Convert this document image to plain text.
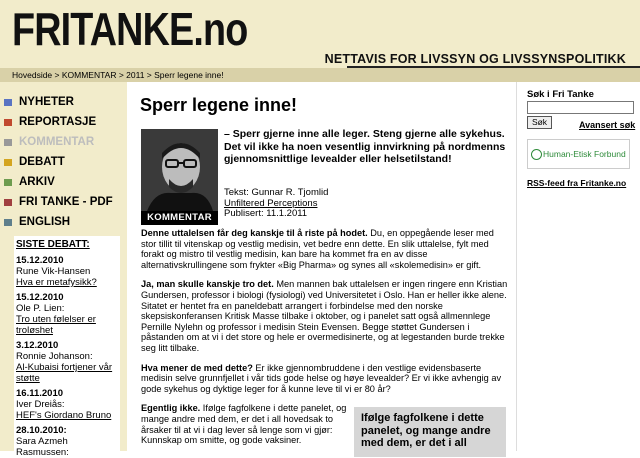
FRITANKE.no
NETTAVIS FOR LIVSSYN OG LIVSSYNSPOLITIKK
Hovedside > KOMMENTAR > 2011 > Sperr legene inne!
NYHETER
REPORTASJE
KOMMENTAR
DEBATT
ARKIV
FRI TANKE - PDF
ENGLISH
SISTE DEBATT:
15.12.2010
Rune Vik-Hansen
Hva er metafysikk?
15.12.2010
Ole P. Lien:
Tro uten følelser er troløshet
3.12.2010
Ronnie Johanson:
Al-Kubaisi fortjener vår støtte
16.11.2010
Iver Dreiås:
HEF's Giordano Bruno
28.10.2010:
Sara Azmeh Rasmussen:
Sperr legene inne!
KOMMENTAR
– Sperr gjerne inne alle leger. Steng gjerne alle sykehus. Det vil ikke ha noen vesentlig innvirkning på nordmenns gjennomsnittlige levealder eller helsetilstand!
Tekst: Gunnar R. Tjomlid
Unfiltered Perceptions
Publisert: 11.1.2011

Denne uttalelsen får deg kanskje til å riste på hodet. Du, en oppegående leser med stor tillit til vitenskap og vestlig medisin, vet bedre enn dette. En slik uttalelse, fylt med forakt og mistro til vestlig medisin, kan bare ha kommet fra en av disse alternativskrullingene som frykter «Big Pharma» og synes all «skolemedisin» er gift.

Ja, man skulle kanskje tro det. Men mannen bak uttalelsen er ingen ringere enn Kristian Gundersen, professor i biologi (fysiologi) ved Universitetet i Oslo. Han er heller ikke alene. Sitatet er hentet fra en paneldebatt arrangert i forbindelse med den norske skepsiskonferansen Kritisk Masse tilbake i oktober, og i panelet satt også allmennlege Pernille Nylehn og professor i medisin Stein Evensen. Begge støttet Gundersen i påstanden om at vi i det store og hele er overmedisinerte, og at legestanden burde trekke seg litt tilbake.

Hva mener de med dette? Er ikke gjennombruddene i den vestlige evidensbaserte medisin selve grunnfjellet i vår tids gode helse og høye levealder? Er vi ikke avhengig av gode sykehus og dyktige leger for å kunne leve til vi er 80 år?

Egentlig ikke. Ifølge fagfolkene i dette panelet, og mange andre med dem, er det i all hovedsak to årsaker til at vi i dag lever så lenge som vi gjør: Kunnskap om smitte, og gode vaksiner.

Ifølge fagfolkene i dette panelet, og mange andre med dem, er det i all
Søk i Fri Tanke
Søk	Avansert søk
Human-Etisk Forbund
RSS-feed fra Fritanke.no
